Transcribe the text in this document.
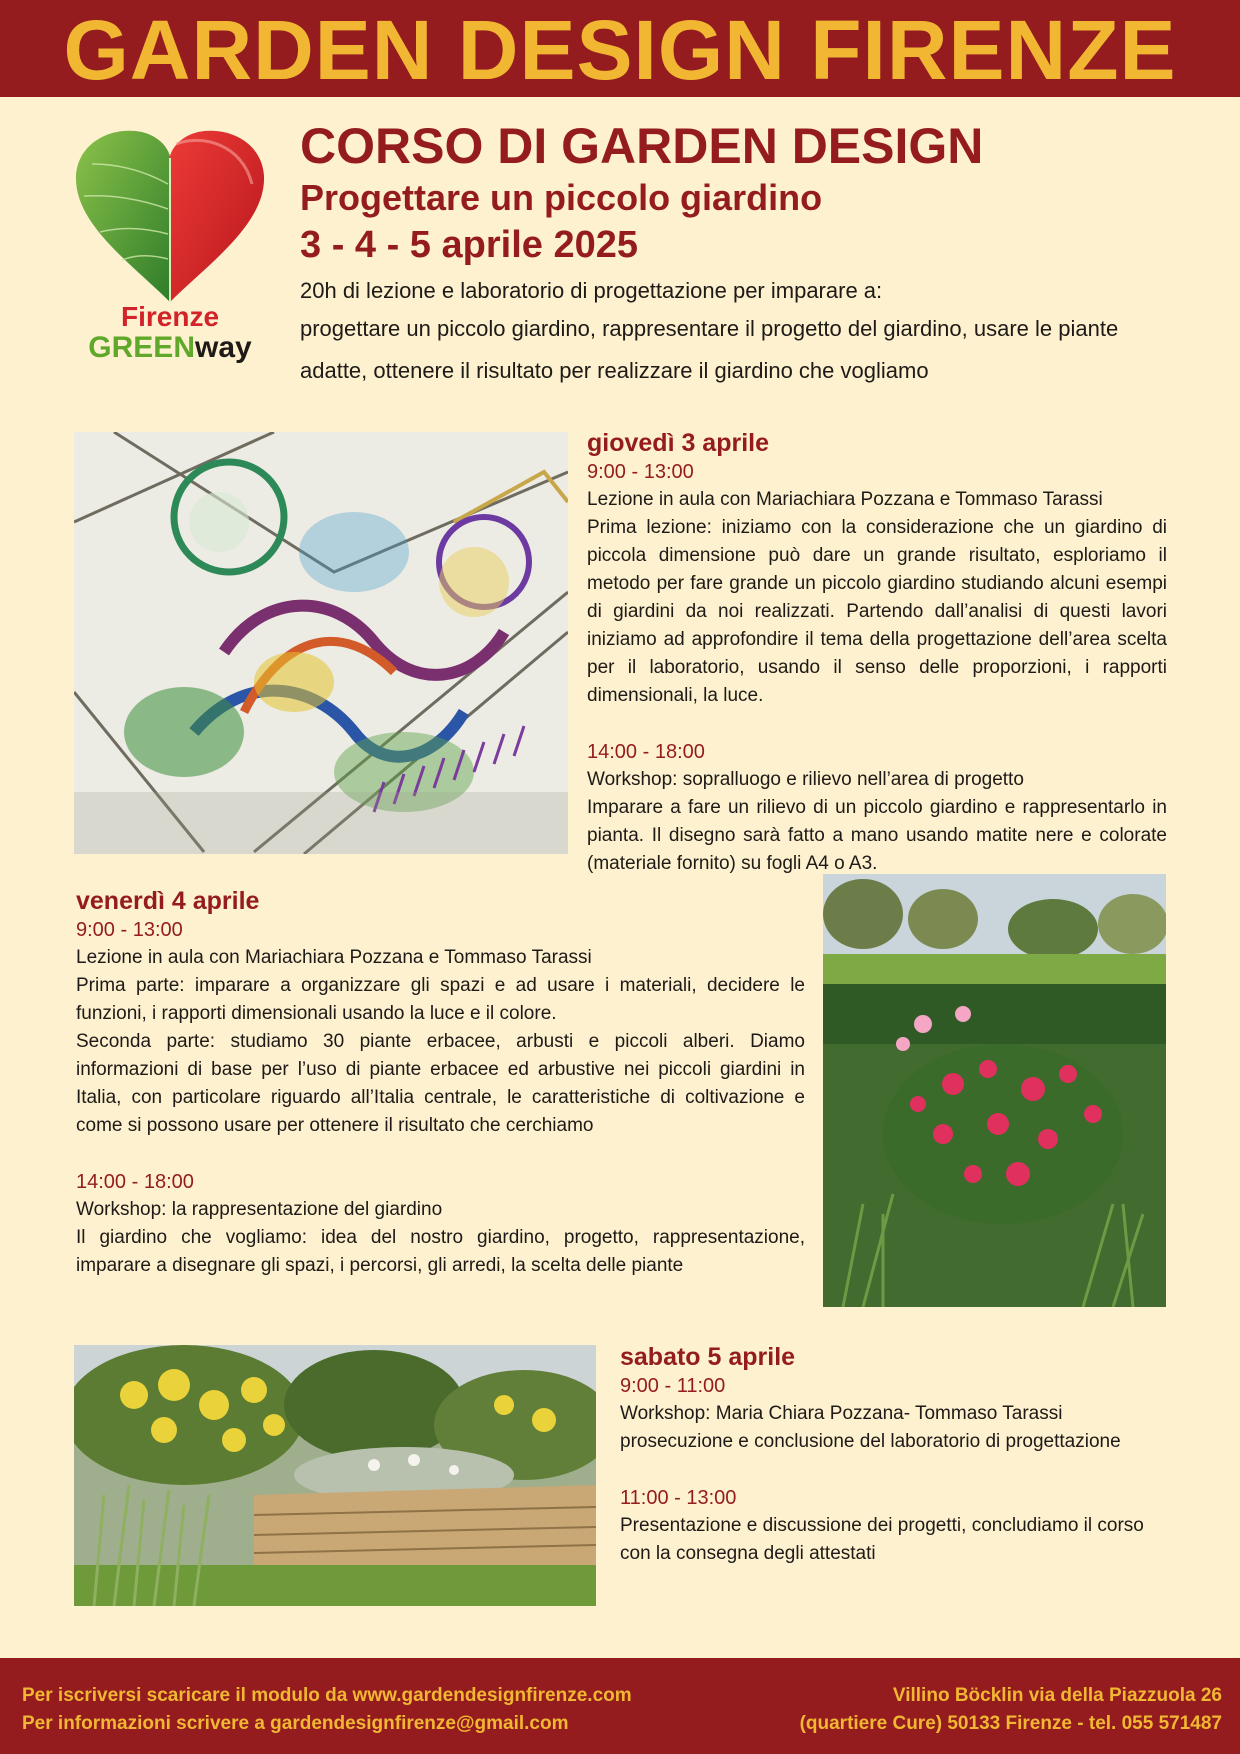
GARDEN DESIGN FIRENZE
Firenze
GREENway
CORSO DI GARDEN DESIGN
Progettare un piccolo giardino
3 - 4 - 5 aprile 2025

20h di lezione e laboratorio di progettazione per imparare a:

progettare un piccolo giardino, rappresentare il progetto del giardino, usare le piante

adatte, ottenere il risultato per realizzare il giardino che vogliamo

giovedì 3 aprile
9:00 - 13:00

Lezione in aula con Mariachiara Pozzana e Tommaso Tarassi

Prima lezione: iniziamo con la considerazione che un giardino di piccola dimensione può dare un grande risultato, esploriamo il metodo per fare grande un piccolo giardino studiando alcuni esempi di giardini da noi realizzati. Partendo dall’analisi di questi lavori iniziamo ad approfondire il tema della progettazione dell’area scelta per il laboratorio, usando il senso delle proporzioni, i rapporti dimensionali, la luce.

14:00 - 18:00

Workshop: sopralluogo e rilievo nell’area di progetto

Imparare a fare un rilievo di un piccolo giardino e rappresentarlo in pianta. Il disegno sarà fatto a mano usando matite nere e colorate (materiale fornito) su fogli A4 o A3.

venerdì 4 aprile
9:00 - 13:00

Lezione in aula con Mariachiara Pozzana e Tommaso Tarassi

Prima parte: imparare a organizzare gli spazi e ad usare i materiali, decidere le funzioni, i rapporti dimensionali usando la luce e il colore.

Seconda parte: studiamo 30 piante erbacee, arbusti e piccoli alberi. Diamo informazioni di base per l’uso di piante erbacee ed arbustive nei piccoli giardini in Italia, con particolare riguardo all’Italia centrale, le caratteristiche di coltivazione e come si possono usare per ottenere il risultato che cerchiamo

14:00 - 18:00

Workshop: la rappresentazione del giardino

Il giardino che vogliamo: idea del nostro giardino, progetto, rappresentazione, imparare a disegnare gli spazi, i percorsi, gli arredi, la scelta delle piante

sabato 5 aprile
9:00 - 11:00

Workshop: Maria Chiara Pozzana- Tommaso Tarassi

prosecuzione e conclusione del laboratorio di progettazione

11:00 - 13:00

Presentazione e discussione dei progetti, concludiamo il corso con la consegna degli attestati

Per iscriversi scaricare il modulo da www.gardendesignfirenze.com
Per informazioni scrivere a gardendesignfirenze@gmail.com
Villino Böcklin via della Piazzuola 26
(quartiere Cure) 50133 Firenze - tel. 055 571487
